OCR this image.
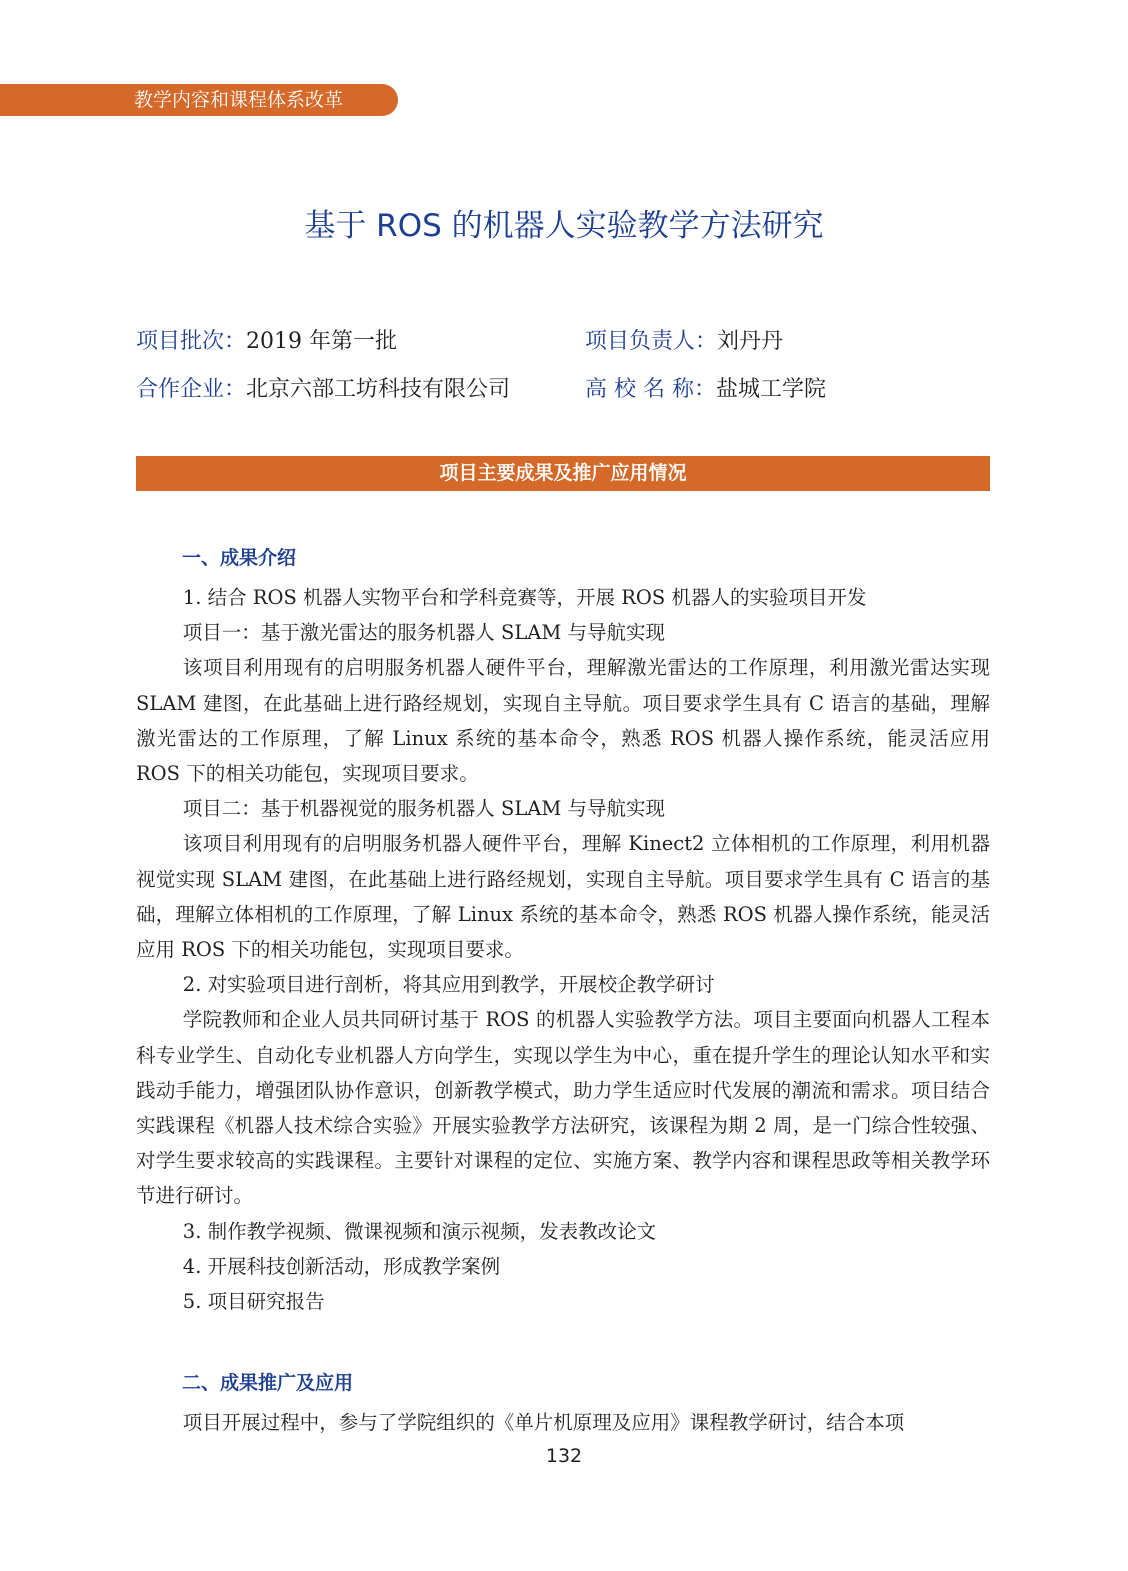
教学内容和课程体系改革
基于 ROS 的机器人实验教学方法研究
项目批次：2019 年第一批	项目负责人：刘丹丹
合作企业：北京六部工坊科技有限公司	高 校 名 称：盐城工学院
项目主要成果及推广应用情况
一、成果介绍

1. 结合 ROS 机器人实物平台和学科竞赛等，开展 ROS 机器人的实验项目开发

项目一：基于激光雷达的服务机器人 SLAM 与导航实现

该项目利用现有的启明服务机器人硬件平台，理解激光雷达的工作原理，利用激光雷达实现 SLAM 建图，在此基础上进行路经规划，实现自主导航。项目要求学生具有 C 语言的基础，理解激光雷达的工作原理，了解 Linux 系统的基本命令，熟悉 ROS 机器人操作系统，能灵活应用 ROS 下的相关功能包，实现项目要求。

项目二：基于机器视觉的服务机器人 SLAM 与导航实现

该项目利用现有的启明服务机器人硬件平台，理解 Kinect2 立体相机的工作原理，利用机器视觉实现 SLAM 建图，在此基础上进行路经规划，实现自主导航。项目要求学生具有 C 语言的基础，理解立体相机的工作原理，了解 Linux 系统的基本命令，熟悉 ROS 机器人操作系统，能灵活应用 ROS 下的相关功能包，实现项目要求。

2. 对实验项目进行剖析，将其应用到教学，开展校企教学研讨

学院教师和企业人员共同研讨基于 ROS 的机器人实验教学方法。项目主要面向机器人工程本科专业学生、自动化专业机器人方向学生，实现以学生为中心，重在提升学生的理论认知水平和实践动手能力，增强团队协作意识，创新教学模式，助力学生适应时代发展的潮流和需求。项目结合实践课程《机器人技术综合实验》开展实验教学方法研究，该课程为期 2 周，是一门综合性较强、对学生要求较高的实践课程。主要针对课程的定位、实施方案、教学内容和课程思政等相关教学环节进行研讨。

3. 制作教学视频、微课视频和演示视频，发表教改论文

4. 开展科技创新活动，形成教学案例

5. 项目研究报告

二、成果推广及应用

项目开展过程中，参与了学院组织的《单片机原理及应用》课程教学研讨，结合本项

132
